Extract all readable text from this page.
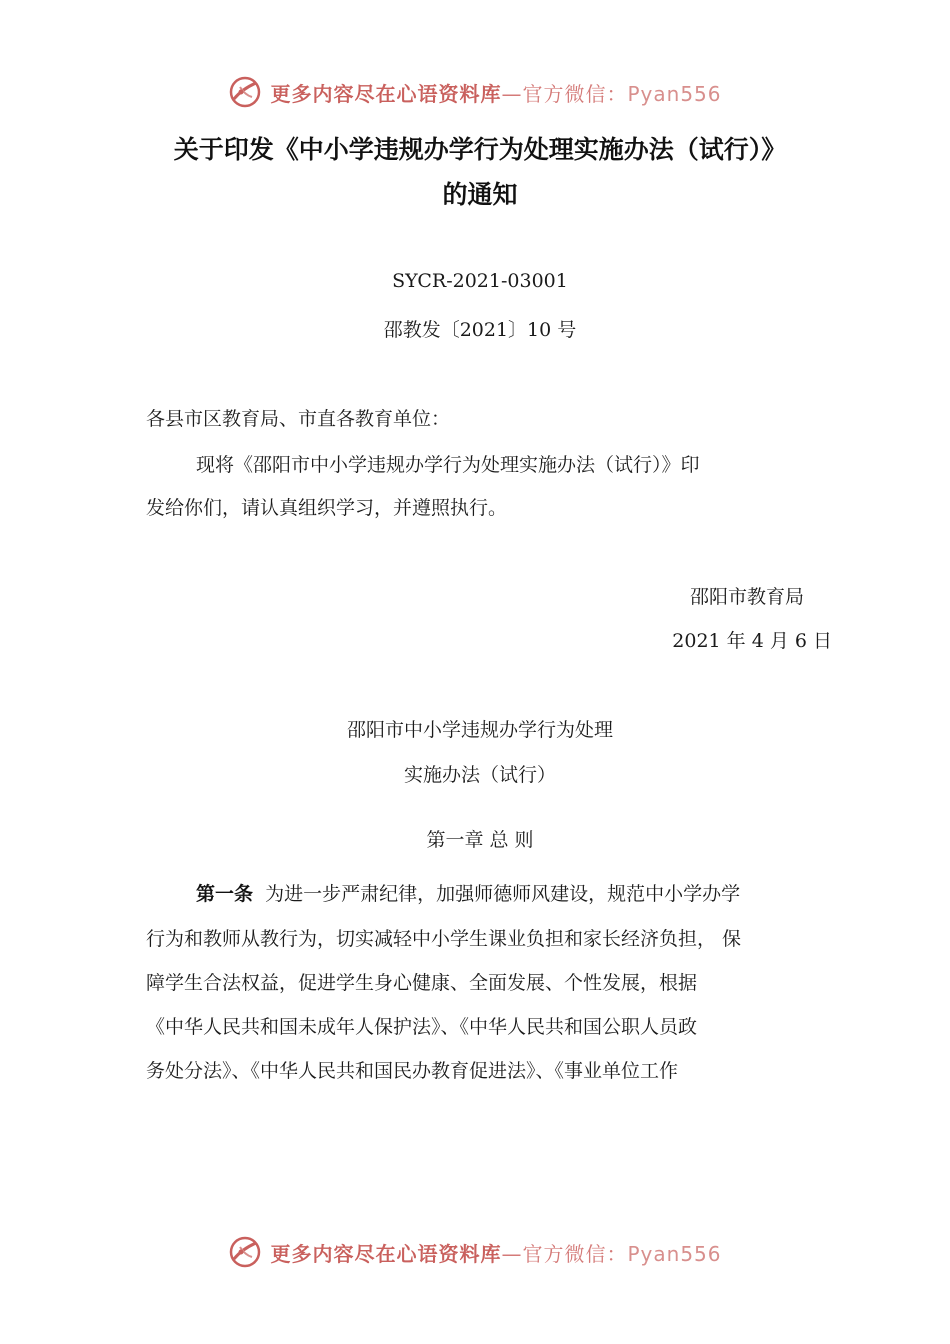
更多内容尽在心语资料库—官方微信：Pyan556
关于印发《中小学违规办学行为处理实施办法（试行）》
的通知
SYCR-2021-03001
邵教发〔2021〕10 号
各县市区教育局、市直各教育单位：
现将《邵阳市中小学违规办学行为处理实施办法（试行）》印
发给你们，请认真组织学习，并遵照执行。
邵阳市教育局
2021 年 4 月 6 日
邵阳市中小学违规办学行为处理
实施办法（试行）
第一章 总 则
第一条 为进一步严肃纪律，加强师德师风建设，规范中小学办学
行为和教师从教行为，切实减轻中小学生课业负担和家长经济负担， 保
障学生合法权益，促进学生身心健康、全面发展、个性发展，根据
《中华人民共和国未成年人保护法》、《中华人民共和国公职人员政
务处分法》、《中华人民共和国民办教育促进法》、《事业单位工作
更多内容尽在心语资料库—官方微信：Pyan556
